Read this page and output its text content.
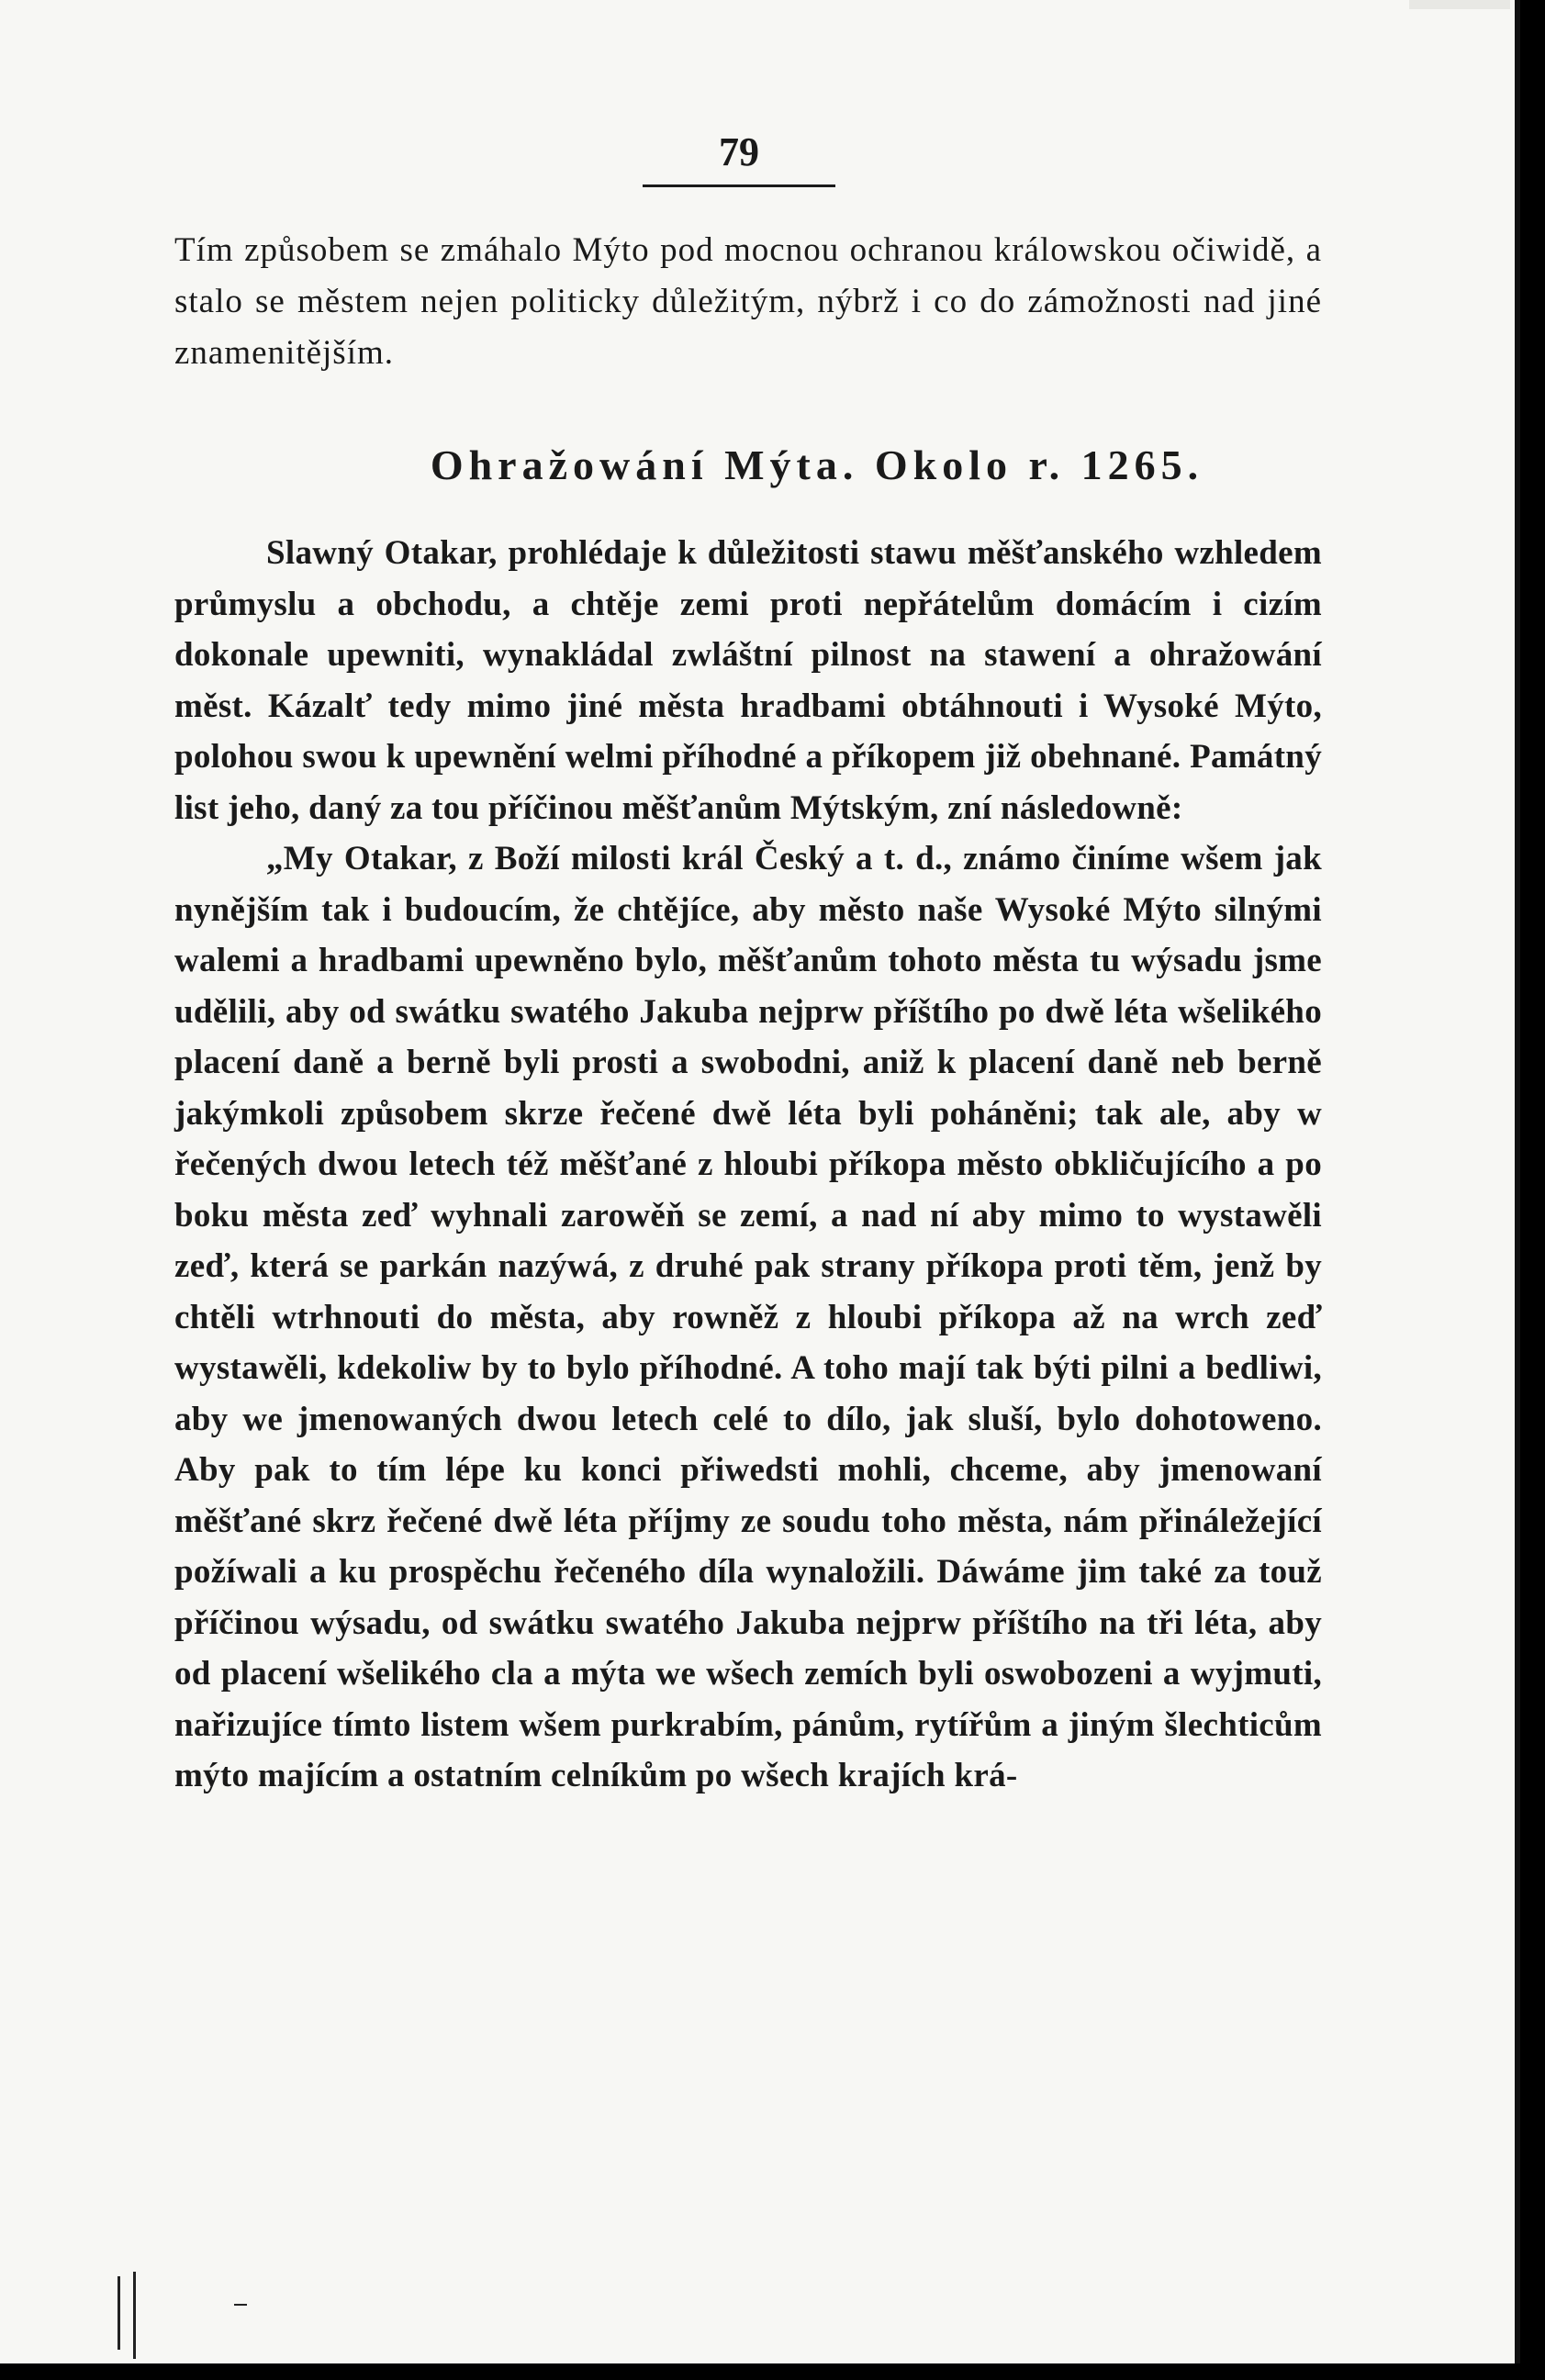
79

Tím způsobem se zmáhalo Mýto pod mocnou ochranou králowskou očiwidě, a stalo se městem nejen politicky důležitým, nýbrž i co do zámožnosti nad jiné znamenitějším.

Ohražowání Mýta. Okolo r. 1265.

Slawný Otakar, prohlédaje k důležitosti stawu měšťanského wzhledem průmyslu a obchodu, a chtěje zemi proti nepřátelům domácím i cizím dokonale upewniti, wynakládal zwláštní pilnost na stawení a ohražowání měst. Kázalť tedy mimo jiné města hradbami obtáhnouti i Wysoké Mýto, polohou swou k upewnění welmi příhodné a příkopem již obehnané. Památný list jeho, daný za tou příčinou měšťanům Mýtským, zní následowně:

„My Otakar, z Boží milosti král Český a t. d., známo činíme wšem jak nynějším tak i budoucím, že chtějíce, aby město naše Wysoké Mýto silnými walemi a hradbami upewněno bylo, měšťanům tohoto města tu wýsadu jsme udělili, aby od swátku swatého Jakuba nejprw příštího po dwě léta wšelikého placení daně a berně byli prosti a swobodni, aniž k placení daně neb berně jakýmkoli způsobem skrze řečené dwě léta byli poháněni; tak ale, aby w řečených dwou letech též měšťané z hloubi příkopa město obkličujícího a po boku města zeď wyhnali zarowěň se zemí, a nad ní aby mimo to wystawěli zeď, která se parkán nazýwá, z druhé pak strany příkopa proti těm, jenž by chtěli wtrhnouti do města, aby rowněž z hloubi příkopa až na wrch zeď wystawěli, kdekoliw by to bylo příhodné. A toho mají tak býti pilni a bedliwi, aby we jmenowaných dwou letech celé to dílo, jak sluší, bylo dohotoweno. Aby pak to tím lépe ku konci přiwedsti mohli, chceme, aby jmenowaní měšťané skrz řečené dwě léta příjmy ze soudu toho města, nám přináležející požíwali a ku prospěchu řečeného díla wynaložili. Dáwáme jim také za touž příčinou wýsadu, od swátku swatého Jakuba nejprw příštího na tři léta, aby od placení wšelikého cla a mýta we wšech zemích byli oswobozeni a wyjmuti, nařizujíce tímto listem wšem purkrabím, pánům, rytířům a jiným šlechticům mýto majícím a ostatním celníkům po wšech krajích krá-
